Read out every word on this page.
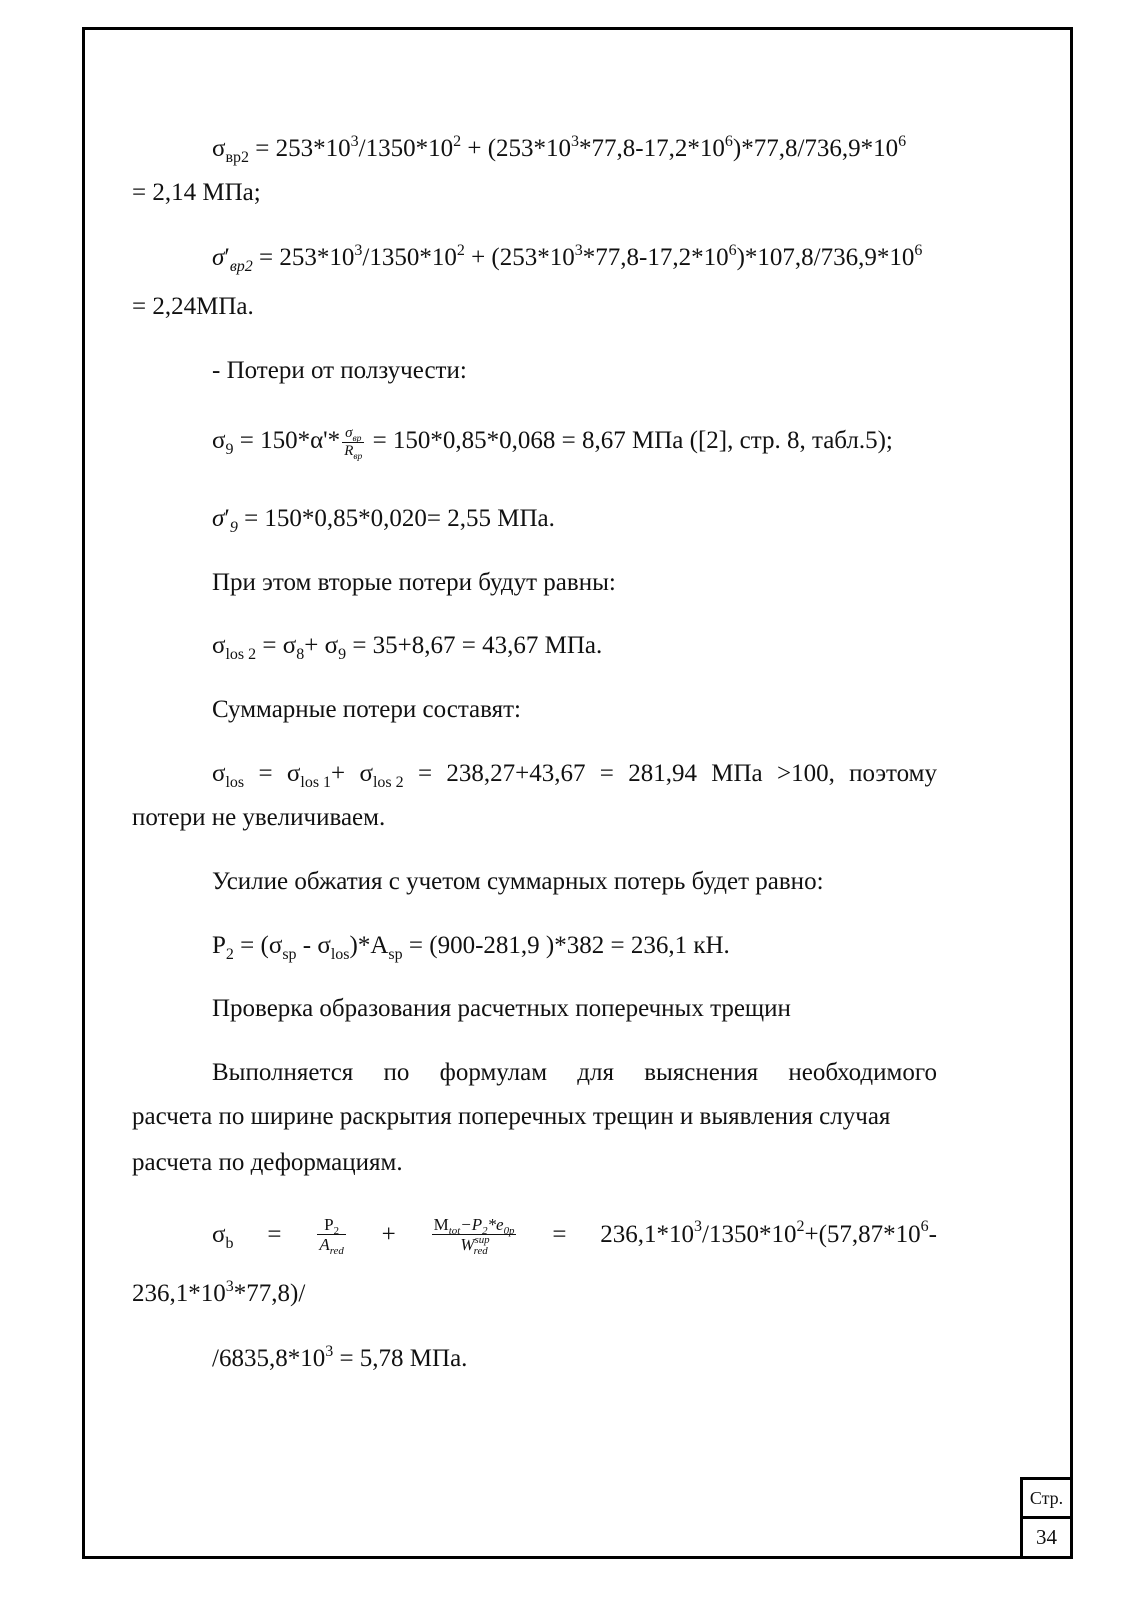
$\sigma_{вр2} = 253*10^3/1350*10^2 + (253*10^3*77,8-17,2*10^6)*77,8/736,9*10^6$
= 2,14 МПа;
$\sigma'_{вр2} = 253*10^3/1350*10^2 + (253*10^3*77,8-17,2*10^6)*107,8/736,9*10^6$
= 2,24МПа.
- Потери от ползучести:
$\sigma_9 = 150*\alpha'* \frac{\sigma_{вр}}{R_{вр}} = 150*0,85*0,068 = 8,67$ МПа ([2], стр. 8, табл.5);
$\sigma'_9 = 150*0,85*0,020= 2,55$ МПа.
При этом вторые потери будут равны:
$\sigma_{los 2} = \sigma_8+ \sigma_9 = 35+8,67 = 43,67$ МПа.
Суммарные потери составят:
$\sigma_{los} = \sigma_{los 1}+ \sigma_{los 2} = 238,27+43,67 = 281,94$ МПа >100, поэтому
потери не увеличиваем.
Усилие обжатия с учетом суммарных потерь будет равно:
$P_2 = (\sigma_{sp} - \sigma_{los})*A_{sp} = (900-281,9$ )*382 = 236,1 кН.
Проверка образования расчетных поперечных трещин
Выполняется по формулам для выяснения необходимого
расчета по ширине раскрытия поперечных трещин и выявления случая
расчета по деформациям.
$\sigma_b = \frac{P_2}{A_{red}} + \frac{M_{tot}-P_2*e_{0p}}{W^{sup}_{red}} = 236,1*10^3/1350*10^2+(57,87*10^6-$
$236,1*10^3*77,8)/$
$/6835,8*10^3 = 5,78$ МПа.
Стр.
34
